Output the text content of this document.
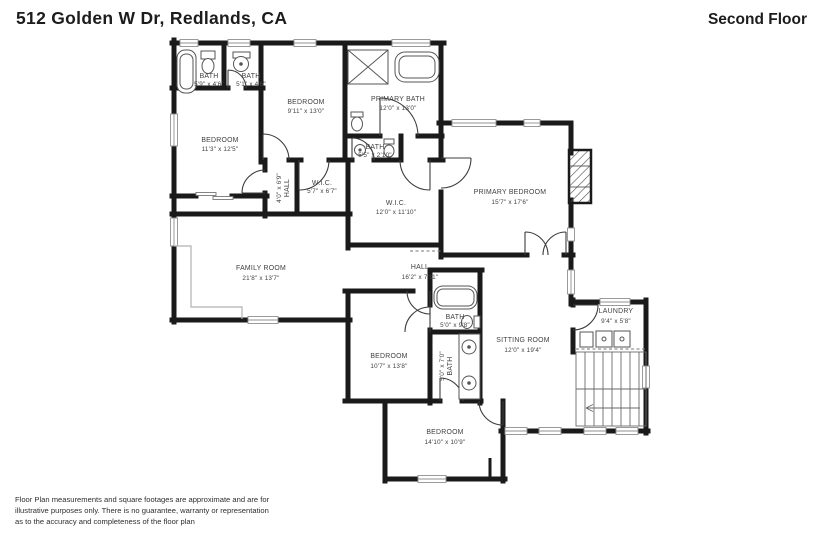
512 Golden W Dr, Redlands, CA	Second Floor
BATH
5'9" x 4'6"
BATH
5'1" x 4'6"
BEDROOM
9'11" x 13'0"
PRIMARY BATH
12'0" x 13'0"
BEDROOM
11'3" x 12'5"	BATH
5'5" x 2'10"
HALL
4'0" x 6'9"	W.I.C.
5'7" x 6'7"
W.I.C.
12'0" x 11'10"
PRIMARY BEDROOM
15'7" x 17'6"
FAMILY ROOM
21'8" x 13'7"
HALL
16'2" x 7'11"
BATH
5'0" x 9'8"
SITTING ROOM
12'0" x 19'4"
LAUNDRY
9'4" x 5'8"
BEDROOM
10'7" x 13'8"	BATH
5'0" x 7'0"
BEDROOM
14'10" x 10'9"
Floor Plan measurements and square footages are approximate and are for
illustrative purposes only. There is no guarantee, warranty or representation
as to the accuracy and completeness of the floor plan
